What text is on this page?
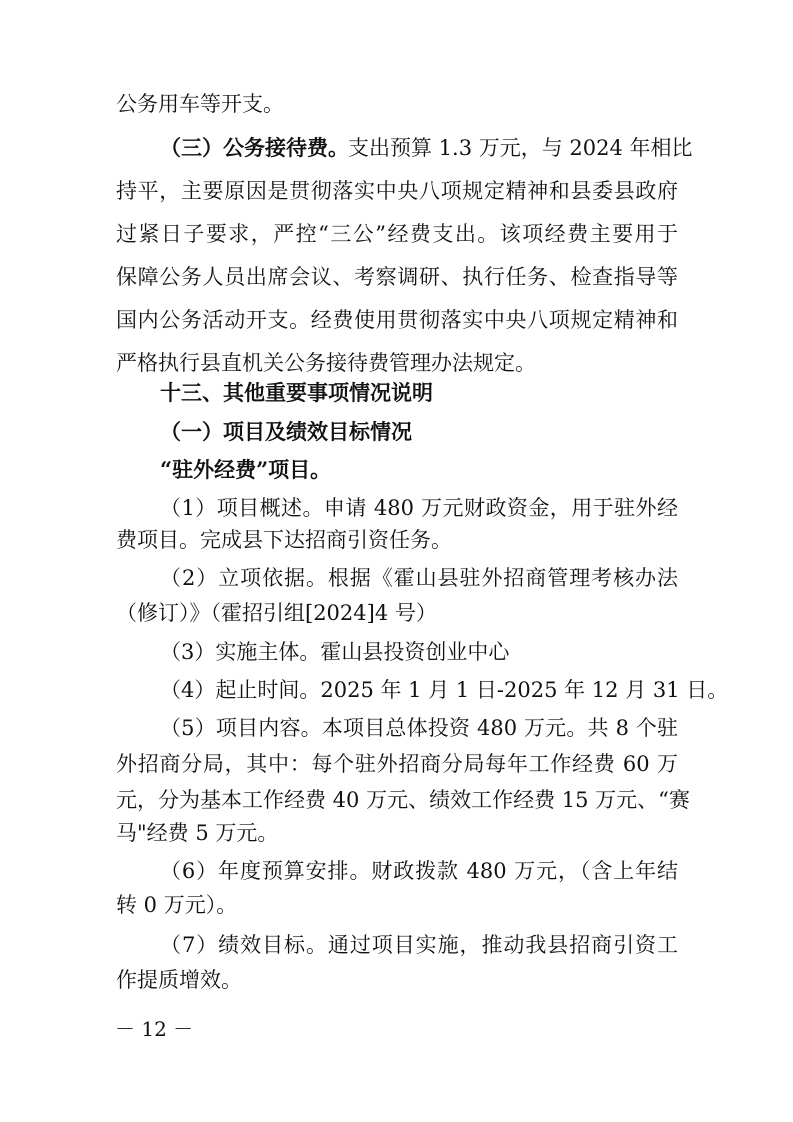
公务用车等开支。
（三）公务接待费。 支出预算 1.3 万元，与 2024 年相比
持平，主要原因是贯彻落实中央八项规定精神和县委县政府
过紧日子要求，严控“三公”经费支出。该项经费主要用于
保障公务人员出席会议、考察调研、执行任务、检查指导等
国内公务活动开支。经费使用贯彻落实中央八项规定精神和
严格执行县直机关公务接待费管理办法规定。
十三、其他重要事项情况说明
（一）项目及绩效目标情况
“驻外经费”项目。
（1）项目概述。申请 480 万元财政资金，用于驻外经
费项目。完成县下达招商引资任务。
（2）立项依据。根据《霍山县驻外招商管理考核办法
（修订）》（霍招引组[2024]4 号）
（3）实施主体。霍山县投资创业中心
（4）起止时间。2025 年 1 月 1 日-2025 年 12 月 31 日。
（5）项目内容。本项目总体投资 480 万元。共 8 个驻
外招商分局，其中：每个驻外招商分局每年工作经费 60 万
元，分为基本工作经费 40 万元、绩效工作经费 15 万元、“赛
马"经费 5 万元。
－ 12 －
（6）年度预算安排。财政拨款 480 万元，（含上年结
转 0 万元）。
（7）绩效目标。通过项目实施，推动我县招商引资工
作提质增效。
